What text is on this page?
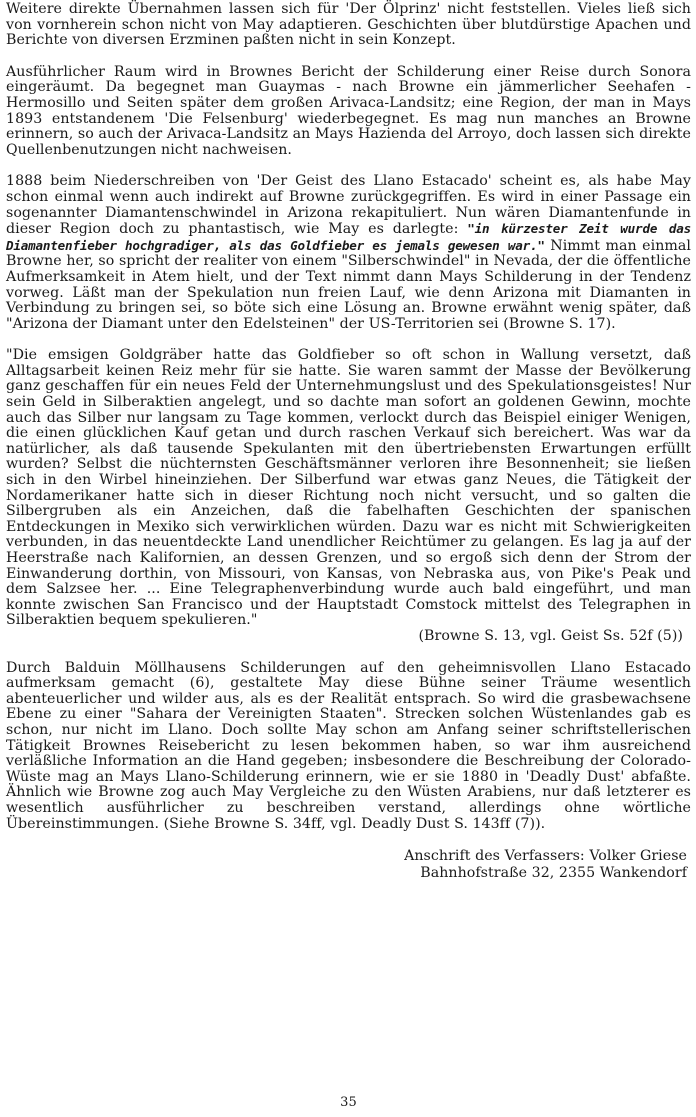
Weitere direkte Übernahmen lassen sich für 'Der Ölprinz' nicht feststellen. Vieles ließ sich von vornherein schon nicht von May adaptieren. Geschichten über blutdürstige Apachen und Berichte von diversen Erzminen paßten nicht in sein Konzept.

Ausführlicher Raum wird in Brownes Bericht der Schilderung einer Reise durch Sonora eingeräumt. Da begegnet man Guaymas - nach Browne ein jämmerlicher Seehafen - Hermosillo und Seiten später dem großen Arivaca-Landsitz; eine Region, der man in Mays 1893 entstandenem 'Die Felsenburg' wiederbegegnet. Es mag nun manches an Browne erinnern, so auch der Arivaca-Landsitz an Mays Hazienda del Arroyo, doch lassen sich direkte Quellenbenutzungen nicht nachweisen.

1888 beim Niederschreiben von 'Der Geist des Llano Estacado' scheint es, als habe May schon einmal wenn auch indirekt auf Browne zurückgegriffen. Es wird in einer Passage ein sogenannter Diamantenschwindel in Arizona rekapituliert. Nun wären Diamantenfunde in dieser Region doch zu phantastisch, wie May es darlegte: "in kürzester Zeit wurde das Diamantenfieber hochgradiger, als das Goldfieber es jemals gewesen war." Nimmt man einmal Browne her, so spricht der realiter von einem "Silberschwindel" in Nevada, der die öffentliche Aufmerksamkeit in Atem hielt, und der Text nimmt dann Mays Schilderung in der Tendenz vorweg. Läßt man der Spekulation nun freien Lauf, wie denn Arizona mit Diamanten in Verbindung zu bringen sei, so böte sich eine Lösung an. Browne erwähnt wenig später, daß "Arizona der Diamant unter den Edelsteinen" der US-Territorien sei (Browne S. 17).

"Die emsigen Goldgräber hatte das Goldfieber so oft schon in Wallung versetzt, daß Alltagsarbeit keinen Reiz mehr für sie hatte. Sie waren sammt der Masse der Bevölkerung ganz geschaffen für ein neues Feld der Unternehmungslust und des Spekulationsgeistes! Nur sein Geld in Silberaktien angelegt, und so dachte man sofort an goldenen Gewinn, mochte auch das Silber nur langsam zu Tage kommen, verlockt durch das Beispiel einiger Wenigen, die einen glücklichen Kauf getan und durch raschen Verkauf sich bereichert. Was war da natürlicher, als daß tausende Spekulanten mit den übertriebensten Erwartungen erfüllt wurden? Selbst die nüchternsten Geschäftsmänner verloren ihre Besonnenheit; sie ließen sich in den Wirbel hineinziehen. Der Silberfund war etwas ganz Neues, die Tätigkeit der Nordamerikaner hatte sich in dieser Richtung noch nicht versucht, und so galten die Silbergruben als ein Anzeichen, daß die fabelhaften Geschichten der spanischen Entdeckungen in Mexiko sich verwirklichen würden. Dazu war es nicht mit Schwierigkeiten verbunden, in das neuentdeckte Land unendlicher Reichtümer zu gelangen. Es lag ja auf der Heerstraße nach Kalifornien, an dessen Grenzen, und so ergoß sich denn der Strom der Einwanderung dorthin, von Missouri, von Kansas, von Nebraska aus, von Pike's Peak und dem Salzsee her. ... Eine Telegraphenverbindung wurde auch bald eingeführt, und man konnte zwischen San Francisco und der Hauptstadt Comstock mittelst des Telegraphen in Silberaktien bequem spekulieren."

(Browne S. 13, vgl. Geist Ss. 52f (5))

Durch Balduin Möllhausens Schilderungen auf den geheimnisvollen Llano Estacado aufmerksam gemacht (6), gestaltete May diese Bühne seiner Träume wesentlich abenteuerlicher und wilder aus, als es der Realität entsprach. So wird die grasbewachsene Ebene zu einer "Sahara der Vereinigten Staaten". Strecken solchen Wüstenlandes gab es schon, nur nicht im Llano. Doch sollte May schon am Anfang seiner schriftstellerischen Tätigkeit Brownes Reisebericht zu lesen bekommen haben, so war ihm ausreichend verläßliche Information an die Hand gegeben; insbesondere die Beschreibung der Colorado-Wüste mag an Mays Llano-Schilderung erinnern, wie er sie 1880 in 'Deadly Dust' abfaßte. Ähnlich wie Browne zog auch May Vergleiche zu den Wüsten Arabiens, nur daß letzterer es wesentlich ausführlicher zu beschreiben verstand, allerdings ohne wörtliche Übereinstimmungen. (Siehe Browne S. 34ff, vgl. Deadly Dust S. 143ff (7)).

Anschrift des Verfassers: Volker Griese
Bahnhofstraße 32, 2355 Wankendorf
35
